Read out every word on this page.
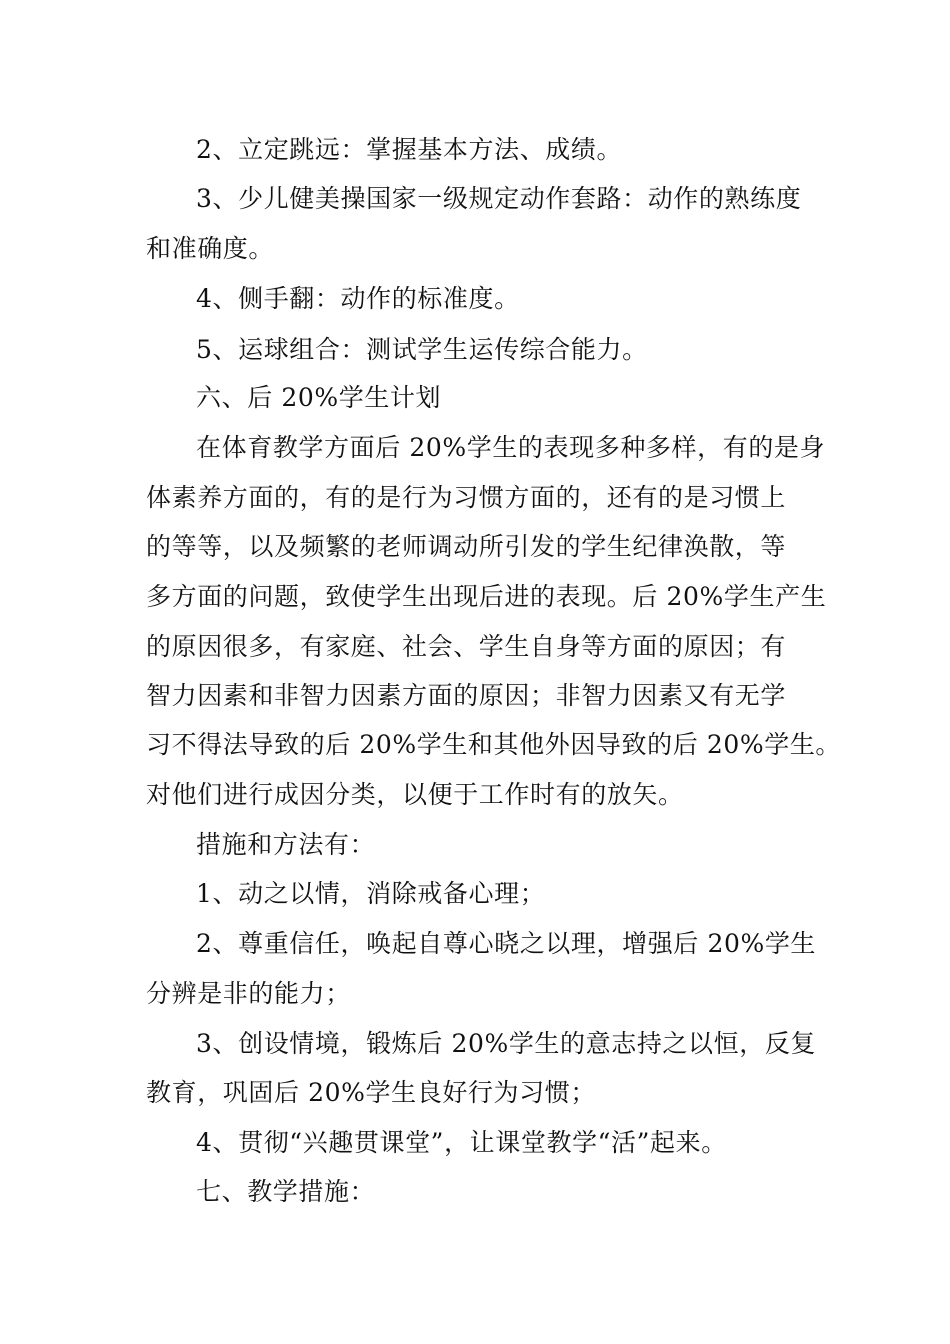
2、立定跳远：掌握基本方法、成绩。
3、少儿健美操国家一级规定动作套路：动作的熟练度
和准确度。
4、侧手翻：动作的标准度。
5、运球组合：测试学生运传综合能力。
六、后 20%学生计划
在体育教学方面后 20%学生的表现多种多样，有的是身
体素养方面的，有的是行为习惯方面的，还有的是习惯上
的等等，以及频繁的老师调动所引发的学生纪律涣散，等
多方面的问题，致使学生出现后进的表现。后 20%学生产生
的原因很多，有家庭、社会、学生自身等方面的原因；有
智力因素和非智力因素方面的原因；非智力因素又有无学
习不得法导致的后 20%学生和其他外因导致的后 20%学生。
对他们进行成因分类，以便于工作时有的放矢。
措施和方法有：
1、动之以情，消除戒备心理；
2、尊重信任，唤起自尊心晓之以理，增强后 20%学生
分辨是非的能力；
3、创设情境，锻炼后 20%学生的意志持之以恒，反复
教育，巩固后 20%学生良好行为习惯；
4、贯彻“兴趣贯课堂”，让课堂教学“活”起来。
七、教学措施：
